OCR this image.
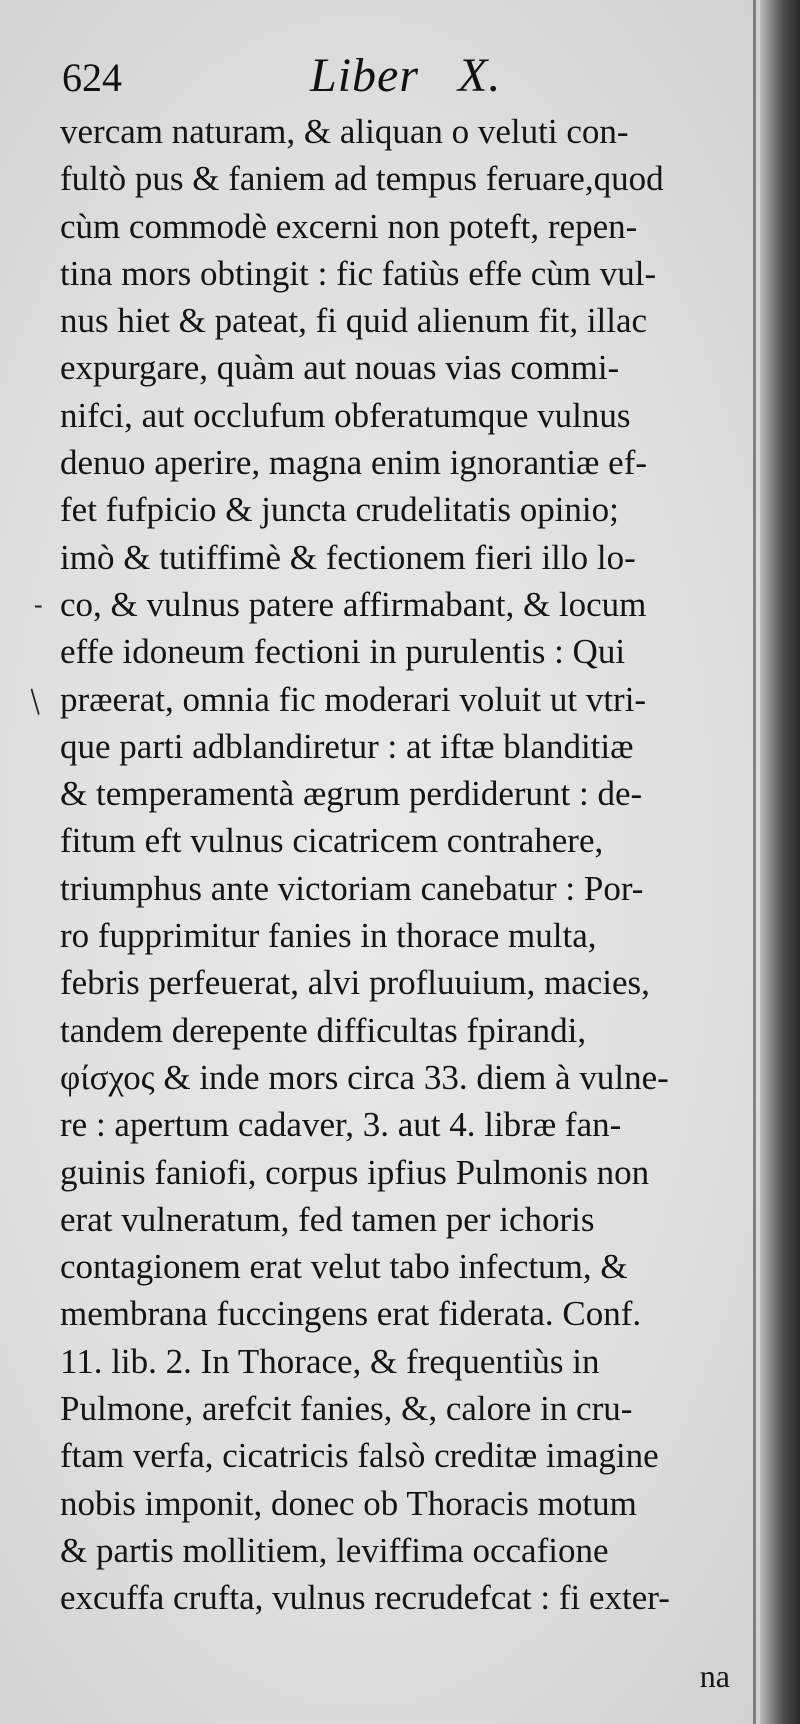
624	Liber   X.
-
/
vercam naturam, & aliquan o veluti con-
fultò pus & faniem ad tempus feruare,quod
cùm commodè excerni non poteft, repen-
tina mors obtingit : fic fatiùs effe cùm vul-
nus hiet & pateat, fi quid alienum fit, illac
expurgare, quàm aut nouas vias commi-
nifci, aut occlufum obferatumque vulnus
denuo aperire, magna enim ignorantiæ ef-
fet fufpicio & juncta crudelitatis opinio;
imò & tutiffimè & fectionem fieri illo lo-
co, & vulnus patere affirmabant, & locum
effe idoneum fectioni in purulentis : Qui
præerat, omnia fic moderari voluit ut vtri-
que parti adblandiretur : at iftæ blanditiæ
& temperamentà ægrum perdiderunt : de-
fitum eft vulnus cicatricem contrahere,
triumphus ante victoriam canebatur : Por-
ro fupprimitur fanies in thorace multa,
febris perfeuerat, alvi profluuium, macies,
tandem derepente difficultas fpirandi,
φίσχος & inde mors circa 33. diem à vulne-
re : apertum cadaver, 3. aut 4. libræ fan-
guinis faniofi, corpus ipfius Pulmonis non
erat vulneratum, fed tamen per ichoris
contagionem erat velut tabo infectum, &
membrana fuccingens erat fiderata. Conf.
11. lib. 2. In Thorace, & frequentiùs in
Pulmone, arefcit fanies, &, calore in cru-
ftam verfa, cicatricis falsò creditæ imagine
nobis imponit, donec ob Thoracis motum
& partis mollitiem, leviffima occafione
excuffa crufta, vulnus recrudefcat : fi exter-
na
